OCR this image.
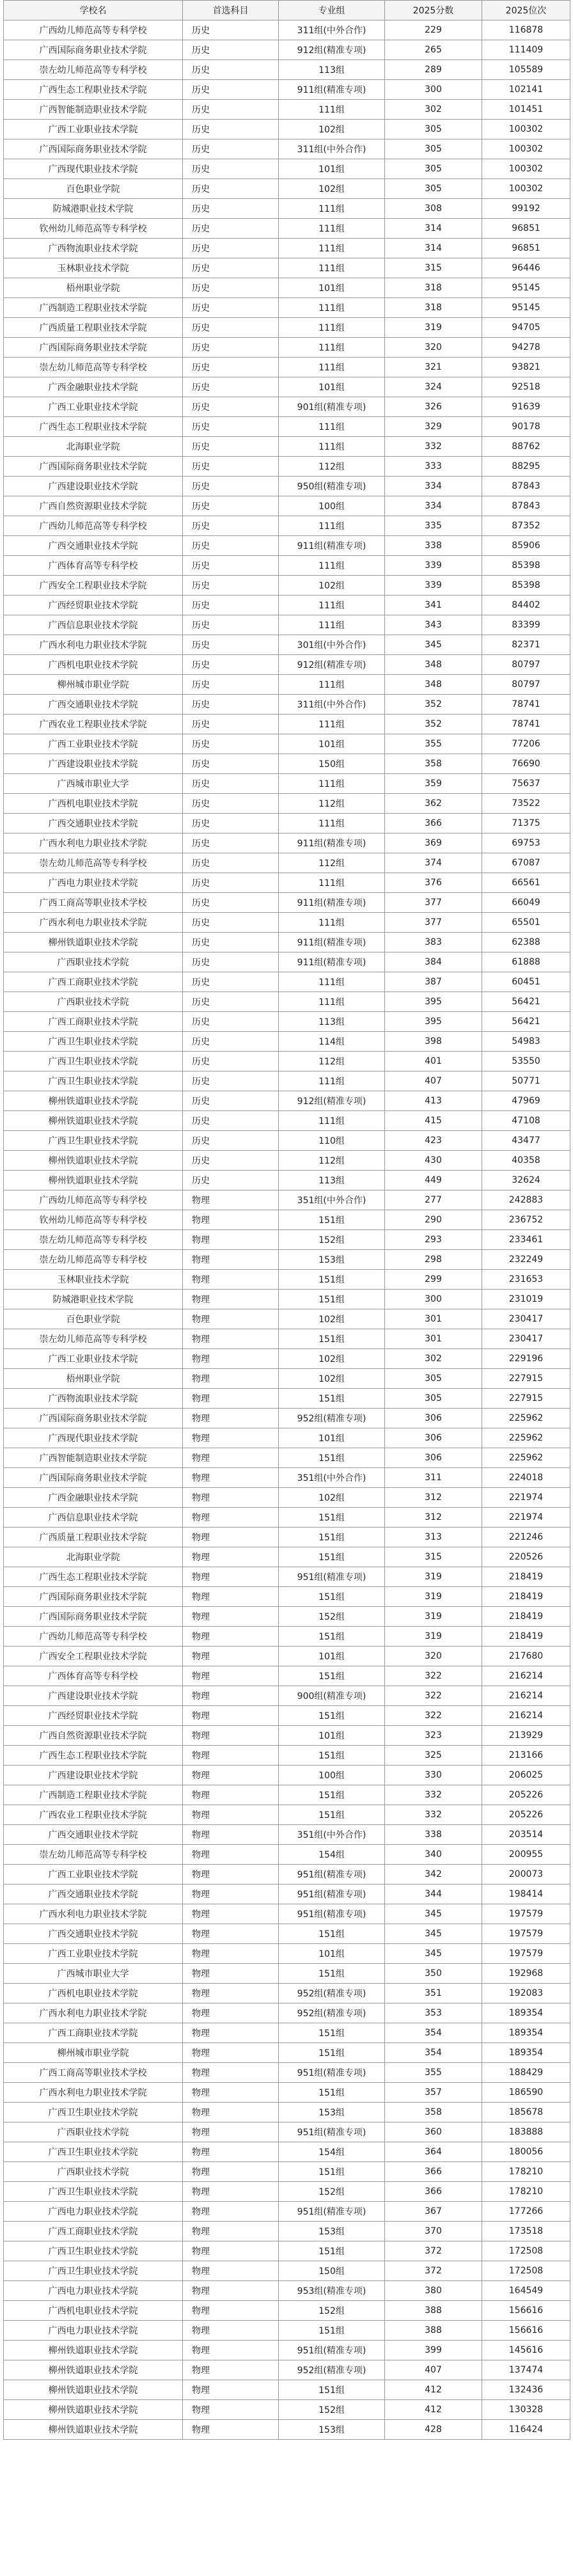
学校名	首选科目	专业组	2025分数	2025位次
广西幼儿师范高等专科学校	历史	311组(中外合作)	229	116878
广西国际商务职业技术学院	历史	912组(精准专项)	265	111409
崇左幼儿师范高等专科学校	历史	113组	289	105589
广西生态工程职业技术学院	历史	911组(精准专项)	300	102141
广西智能制造职业技术学院	历史	111组	302	101451
广西工业职业技术学院	历史	102组	305	100302
广西国际商务职业技术学院	历史	311组(中外合作)	305	100302
广西现代职业技术学院	历史	101组	305	100302
百色职业学院	历史	102组	305	100302
防城港职业技术学院	历史	111组	308	99192
钦州幼儿师范高等专科学校	历史	111组	314	96851
广西物流职业技术学院	历史	111组	314	96851
玉林职业技术学院	历史	111组	315	96446
梧州职业学院	历史	101组	318	95145
广西制造工程职业技术学院	历史	111组	318	95145
广西质量工程职业技术学院	历史	111组	319	94705
广西国际商务职业技术学院	历史	111组	320	94278
崇左幼儿师范高等专科学校	历史	111组	321	93821
广西金融职业技术学院	历史	101组	324	92518
广西工业职业技术学院	历史	901组(精准专项)	326	91639
广西生态工程职业技术学院	历史	111组	329	90178
北海职业学院	历史	111组	332	88762
广西国际商务职业技术学院	历史	112组	333	88295
广西建设职业技术学院	历史	950组(精准专项)	334	87843
广西自然资源职业技术学院	历史	100组	334	87843
广西幼儿师范高等专科学校	历史	111组	335	87352
广西交通职业技术学院	历史	911组(精准专项)	338	85906
广西体育高等专科学校	历史	111组	339	85398
广西安全工程职业技术学院	历史	102组	339	85398
广西经贸职业技术学院	历史	111组	341	84402
广西信息职业技术学院	历史	111组	343	83399
广西水利电力职业技术学院	历史	301组(中外合作)	345	82371
广西机电职业技术学院	历史	912组(精准专项)	348	80797
柳州城市职业学院	历史	111组	348	80797
广西交通职业技术学院	历史	311组(中外合作)	352	78741
广西农业工程职业技术学院	历史	111组	352	78741
广西工业职业技术学院	历史	101组	355	77206
广西建设职业技术学院	历史	150组	358	76690
广西城市职业大学	历史	111组	359	75637
广西机电职业技术学院	历史	112组	362	73522
广西交通职业技术学院	历史	111组	366	71375
广西水利电力职业技术学院	历史	911组(精准专项)	369	69753
崇左幼儿师范高等专科学校	历史	112组	374	67087
广西电力职业技术学院	历史	111组	376	66561
广西工商高等职业技术学校	历史	911组(精准专项)	377	66049
广西水利电力职业技术学院	历史	111组	377	65501
柳州铁道职业技术学院	历史	911组(精准专项)	383	62388
广西职业技术学院	历史	911组(精准专项)	384	61888
广西工商职业技术学院	历史	111组	387	60451
广西职业技术学院	历史	111组	395	56421
广西工商职业技术学院	历史	113组	395	56421
广西卫生职业技术学院	历史	114组	398	54983
广西卫生职业技术学院	历史	112组	401	53550
广西卫生职业技术学院	历史	111组	407	50771
柳州铁道职业技术学院	历史	912组(精准专项)	413	47969
柳州铁道职业技术学院	历史	111组	415	47108
广西卫生职业技术学院	历史	110组	423	43477
柳州铁道职业技术学院	历史	112组	430	40358
柳州铁道职业技术学院	历史	113组	449	32624
广西幼儿师范高等专科学校	物理	351组(中外合作)	277	242883
钦州幼儿师范高等专科学校	物理	151组	290	236752
崇左幼儿师范高等专科学校	物理	152组	293	233461
崇左幼儿师范高等专科学校	物理	153组	298	232249
玉林职业技术学院	物理	151组	299	231653
防城港职业技术学院	物理	151组	300	231019
百色职业学院	物理	102组	301	230417
崇左幼儿师范高等专科学校	物理	151组	301	230417
广西工业职业技术学院	物理	102组	302	229196
梧州职业学院	物理	102组	305	227915
广西物流职业技术学院	物理	151组	305	227915
广西国际商务职业技术学院	物理	952组(精准专项)	306	225962
广西现代职业技术学院	物理	101组	306	225962
广西智能制造职业技术学院	物理	151组	306	225962
广西国际商务职业技术学院	物理	351组(中外合作)	311	224018
广西金融职业技术学院	物理	102组	312	221974
广西信息职业技术学院	物理	151组	312	221974
广西质量工程职业技术学院	物理	151组	313	221246
北海职业学院	物理	151组	315	220526
广西生态工程职业技术学院	物理	951组(精准专项)	319	218419
广西国际商务职业技术学院	物理	151组	319	218419
广西国际商务职业技术学院	物理	152组	319	218419
广西幼儿师范高等专科学校	物理	151组	319	218419
广西安全工程职业技术学院	物理	101组	320	217680
广西体育高等专科学校	物理	151组	322	216214
广西建设职业技术学院	物理	900组(精准专项)	322	216214
广西经贸职业技术学院	物理	151组	322	216214
广西自然资源职业技术学院	物理	101组	323	213929
广西生态工程职业技术学院	物理	151组	325	213166
广西建设职业技术学院	物理	100组	330	206025
广西制造工程职业技术学院	物理	151组	332	205226
广西农业工程职业技术学院	物理	151组	332	205226
广西交通职业技术学院	物理	351组(中外合作)	338	203514
崇左幼儿师范高等专科学校	物理	154组	340	200955
广西工业职业技术学院	物理	951组(精准专项)	342	200073
广西交通职业技术学院	物理	951组(精准专项)	344	198414
广西水利电力职业技术学院	物理	951组(精准专项)	345	197579
广西交通职业技术学院	物理	151组	345	197579
广西工业职业技术学院	物理	101组	345	197579
广西城市职业大学	物理	151组	350	192968
广西机电职业技术学院	物理	952组(精准专项)	351	192083
广西水利电力职业技术学院	物理	952组(精准专项)	353	189354
广西工商职业技术学院	物理	151组	354	189354
柳州城市职业学院	物理	151组	354	189354
广西工商高等职业技术学校	物理	951组(精准专项)	355	188429
广西水利电力职业技术学院	物理	151组	357	186590
广西卫生职业技术学院	物理	153组	358	185678
广西职业技术学院	物理	951组(精准专项)	360	183888
广西卫生职业技术学院	物理	154组	364	180056
广西职业技术学院	物理	151组	366	178210
广西卫生职业技术学院	物理	152组	366	178210
广西电力职业技术学院	物理	951组(精准专项)	367	177266
广西工商职业技术学院	物理	153组	370	173518
广西卫生职业技术学院	物理	151组	372	172508
广西卫生职业技术学院	物理	150组	372	172508
广西电力职业技术学院	物理	953组(精准专项)	380	164549
广西机电职业技术学院	物理	152组	388	156616
广西电力职业技术学院	物理	151组	388	156616
柳州铁道职业技术学院	物理	951组(精准专项)	399	145616
柳州铁道职业技术学院	物理	952组(精准专项)	407	137474
柳州铁道职业技术学院	物理	151组	412	132436
柳州铁道职业技术学院	物理	152组	412	130328
柳州铁道职业技术学院	物理	153组	428	116424
